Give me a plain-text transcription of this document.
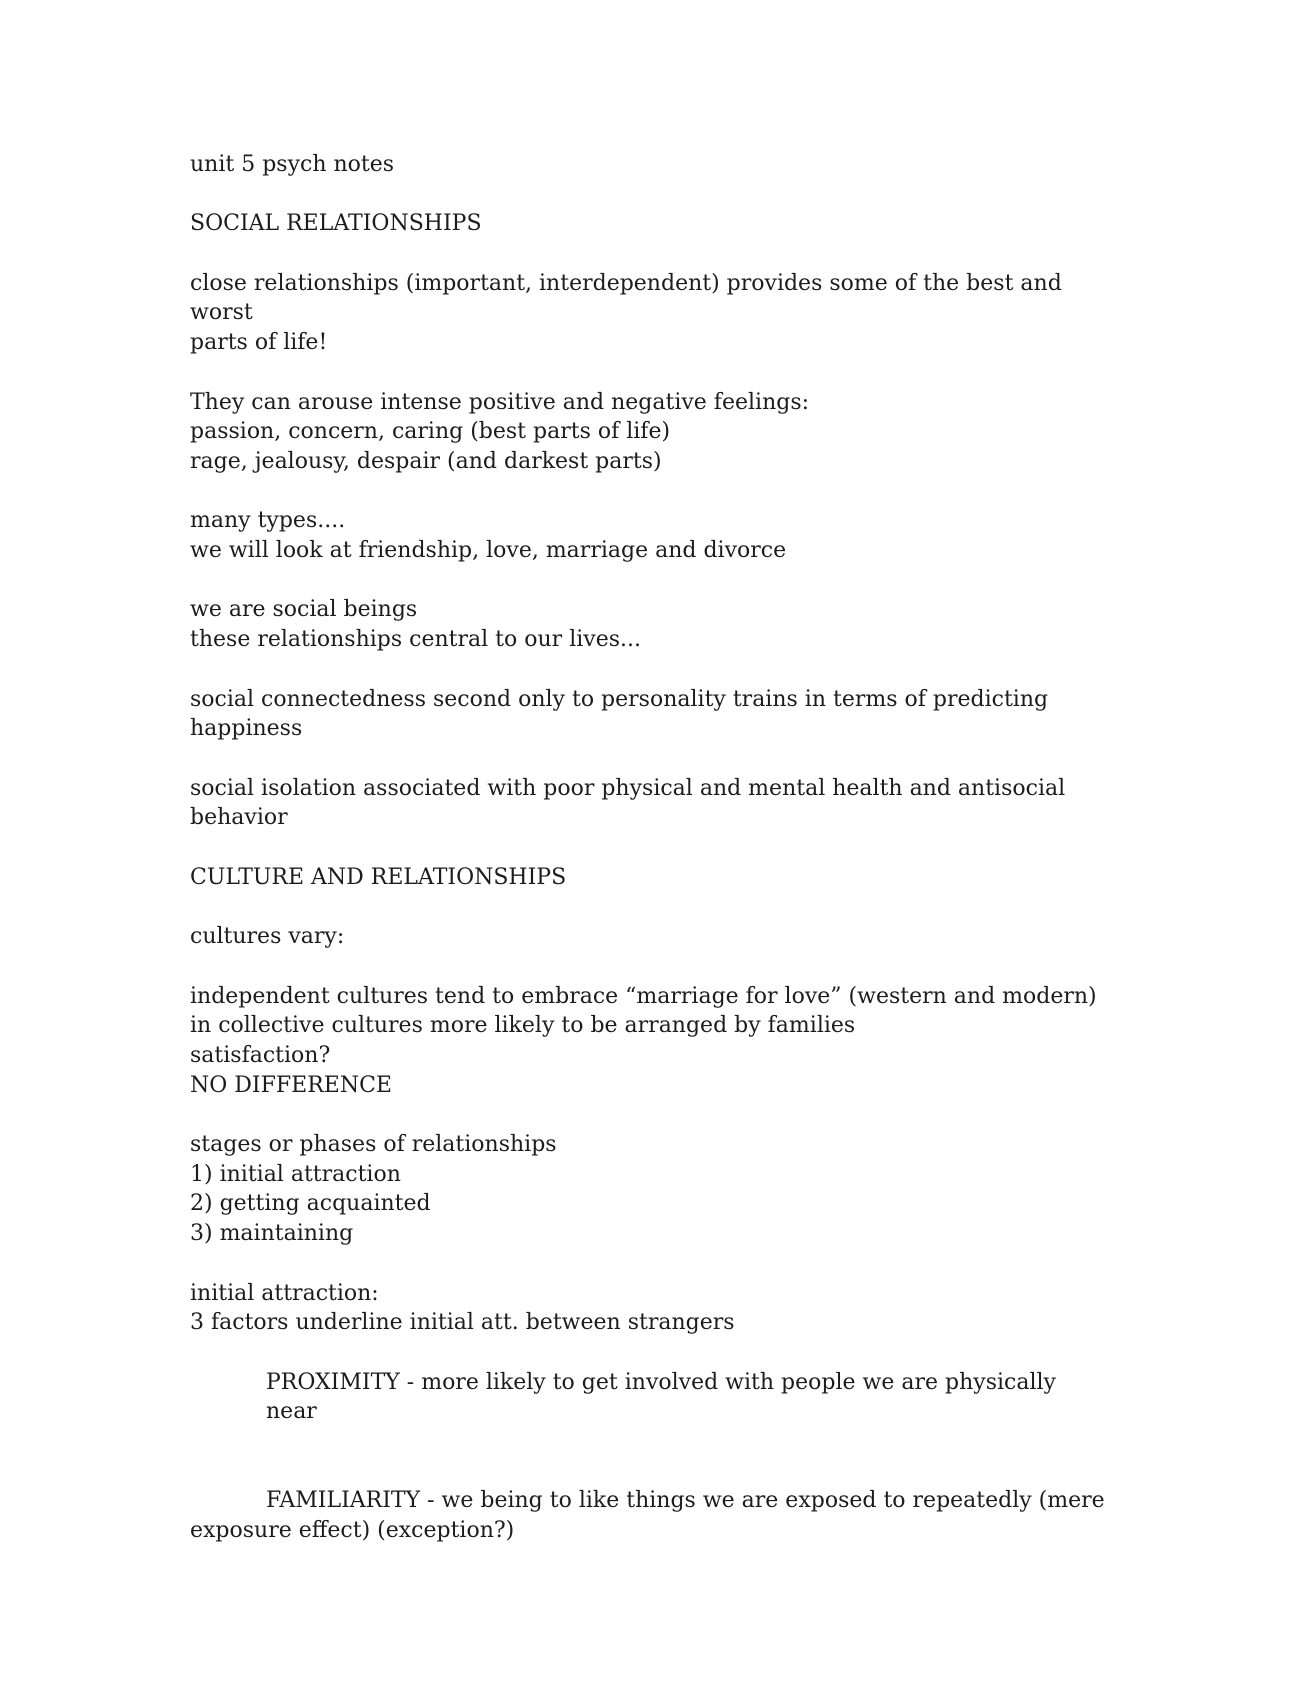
unit 5 psych notes
SOCIAL RELATIONSHIPS
close relationships (important, interdependent) provides some of the best and
worst
parts of life!
They can arouse intense positive and negative feelings:
passion, concern, caring (best parts of life)
rage, jealousy, despair (and darkest parts)
many types....
we will look at friendship, love, marriage and divorce
we are social beings
these relationships central to our lives...
social connectedness second only to personality trains in terms of predicting
happiness
social isolation associated with poor physical and mental health and antisocial
behavior
CULTURE AND RELATIONSHIPS
cultures vary:
independent cultures tend to embrace “marriage for love” (western and modern)
in collective cultures more likely to be arranged by families
satisfaction?
NO DIFFERENCE
stages or phases of relationships
1) initial attraction
2) getting acquainted
3) maintaining
initial attraction:
3 factors underline initial att. between strangers
PROXIMITY - more likely to get involved with people we are physically near
FAMILIARITY - we being to like things we are exposed to repeatedly (mere
exposure effect) (exception?)
